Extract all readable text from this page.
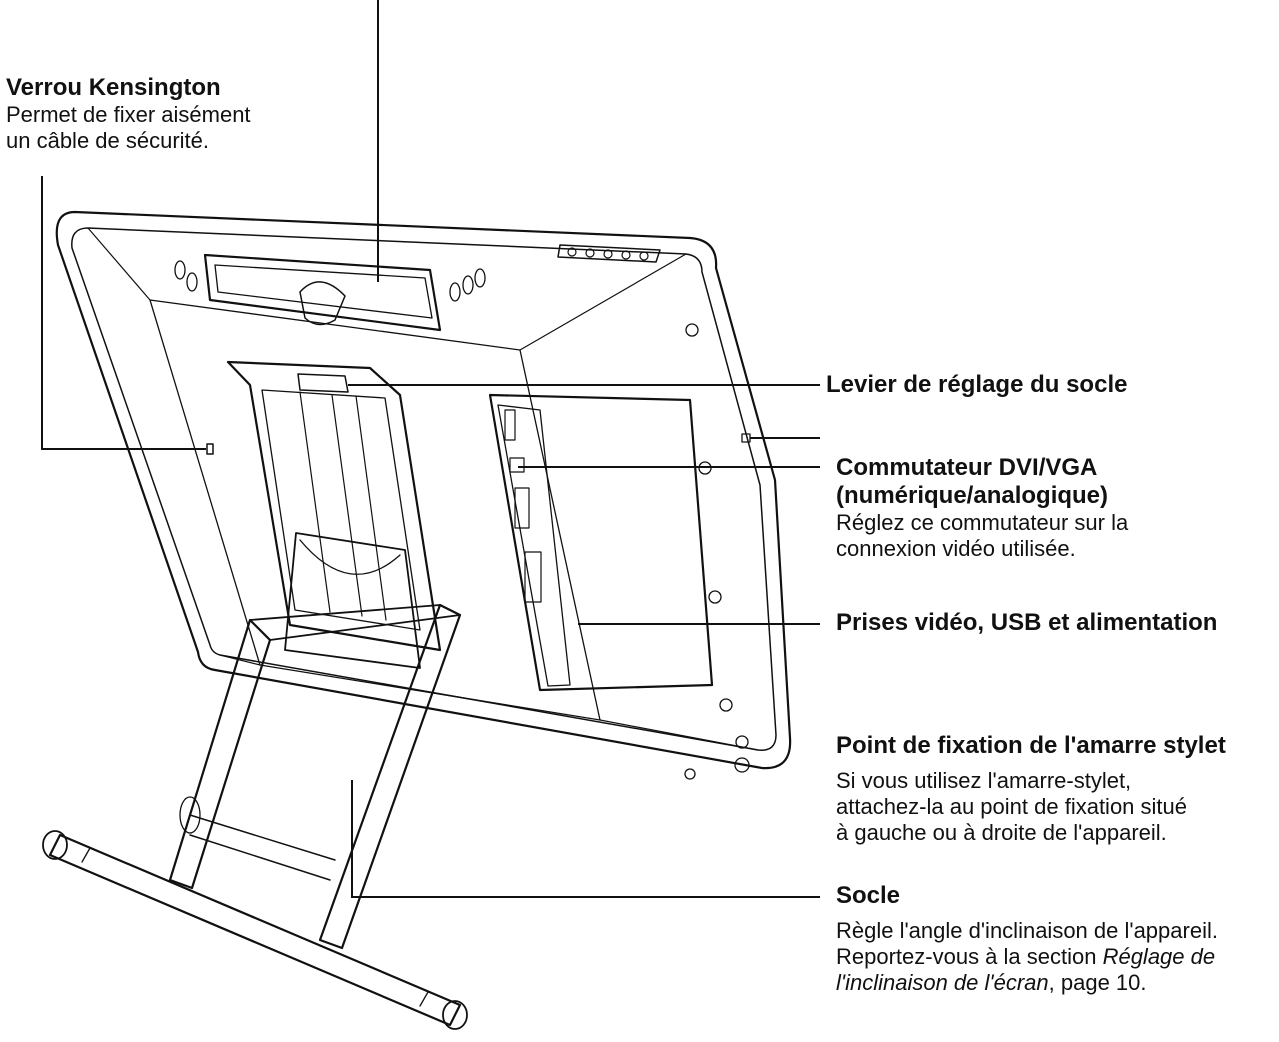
Verrou Kensington
Permet de fixer aisément
un câble de sécurité.
Levier de réglage du socle
Commutateur DVI/VGA
(numérique/analogique)
Réglez ce commutateur sur la
connexion vidéo utilisée.
Prises vidéo, USB et alimentation
Point de fixation de l'amarre stylet
Si vous utilisez l'amarre-stylet,
attachez-la au point de fixation situé
à gauche ou à droite de l'appareil.
Socle
Règle l'angle d'inclinaison de l'appareil.
Reportez-vous à la section Réglage de
l'inclinaison de l'écran, page 10.
